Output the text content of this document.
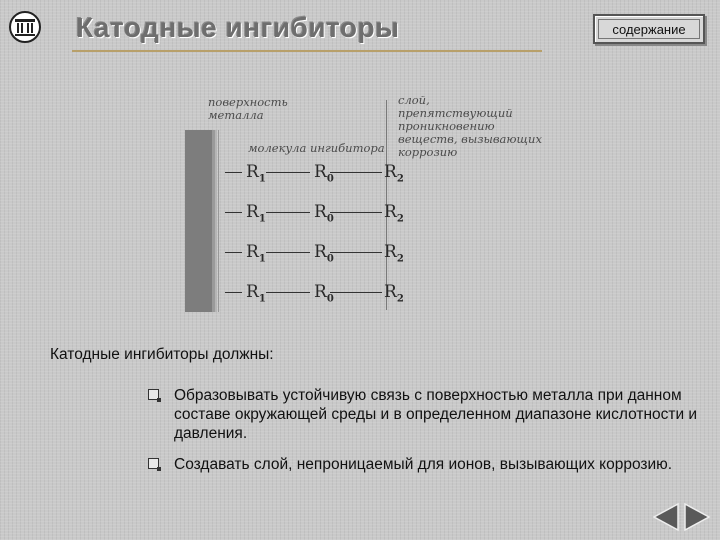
Катодные ингибиторы	содержание
поверхность металла
слой, препятствующий проникновению веществ, вызывающих коррозию
молекула ингибитора
$R_1$	$R_0$	$R_2$
$R_1$	$R_0$	$R_2$
$R_1$	$R_0$	$R_2$
$R_1$	$R_0$	$R_2$

Катодные ингибиторы должны:

Образовывать устойчивую связь с поверхностью металла при данном составе окружающей среды и в определенном диапазоне кислотности и давления.
Создавать слой, непроницаемый для ионов, вызывающих коррозию.
